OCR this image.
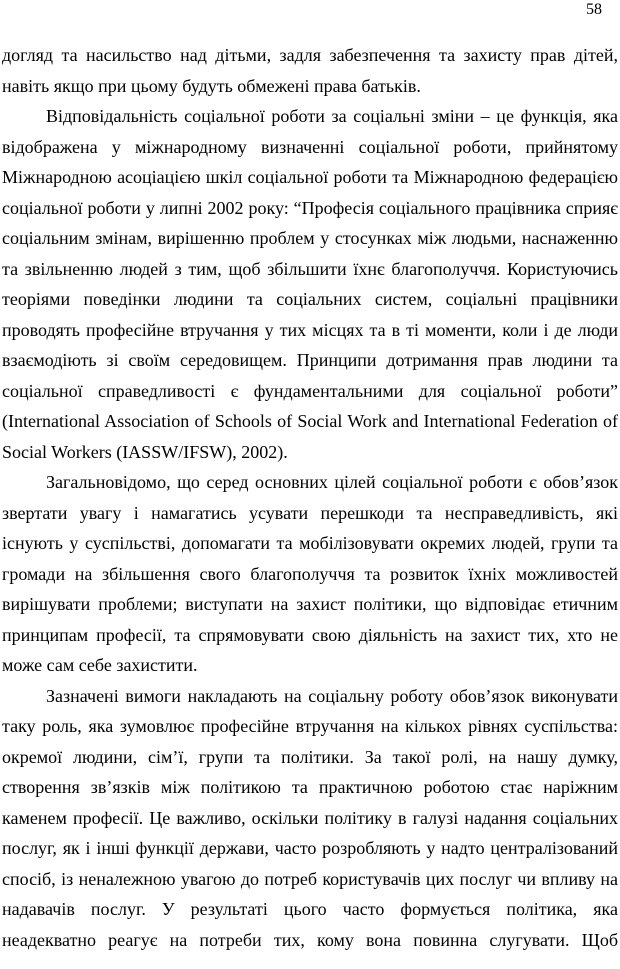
58

догляд та насильство над дітьми, задля забезпечення та захисту прав дітей, навіть якщо при цьому будуть обмежені права батьків.

Відповідальність соціальної роботи за соціальні зміни – це функція, яка відображена у міжнародному визначенні соціальної роботи, прийнятому Міжнародною асоціацією шкіл соціальної роботи та Міжнародною федерацією соціальної роботи у липні 2002 року: “Професія соціального працівника сприяє соціальним змінам, вирішенню проблем у стосунках між людьми, наснаженню та звільненню людей з тим, щоб збільшити їхнє благополуччя. Користуючись теоріями поведінки людини та соціальних систем, соціальні працівники проводять професійне втручання у тих місцях та в ті моменти, коли і де люди взаємодіють зі своїм середовищем. Принципи дотримання прав людини та соціальної справедливості є фундаментальними для соціальної роботи” (International Association of Schools of Social Work and International Federation of Social Workers (IASSW/IFSW), 2002).

Загальновідомо, що серед основних цілей соціальної роботи є обов’язок звертати увагу і намагатись усувати перешкоди та несправедливість, які існують у суспільстві, допомагати та мобілізовувати окремих людей, групи та громади на збільшення свого благополуччя та розвиток їхніх можливостей вирішувати проблеми; виступати на захист політики, що відповідає етичним принципам професії, та спрямовувати свою діяльність на захист тих, хто не може сам себе захистити.

Зазначені вимоги накладають на соціальну роботу обов’язок виконувати таку роль, яка зумовлює професійне втручання на кількох рівнях суспільства: окремої людини, сім’ї, групи та політики. За такої ролі, на нашу думку, створення зв’язків між політикою та практичною роботою стає наріжним каменем професії. Це важливо, оскільки політику в галузі надання соціальних послуг, як і інші функції держави, часто розробляють у надто централізований спосіб, із неналежною увагою до потреб користувачів цих послуг чи впливу на надавачів послуг. У результаті цього часто формується політика, яка неадекватно реагує на потреби тих, кому вона повинна слугувати. Щоб
